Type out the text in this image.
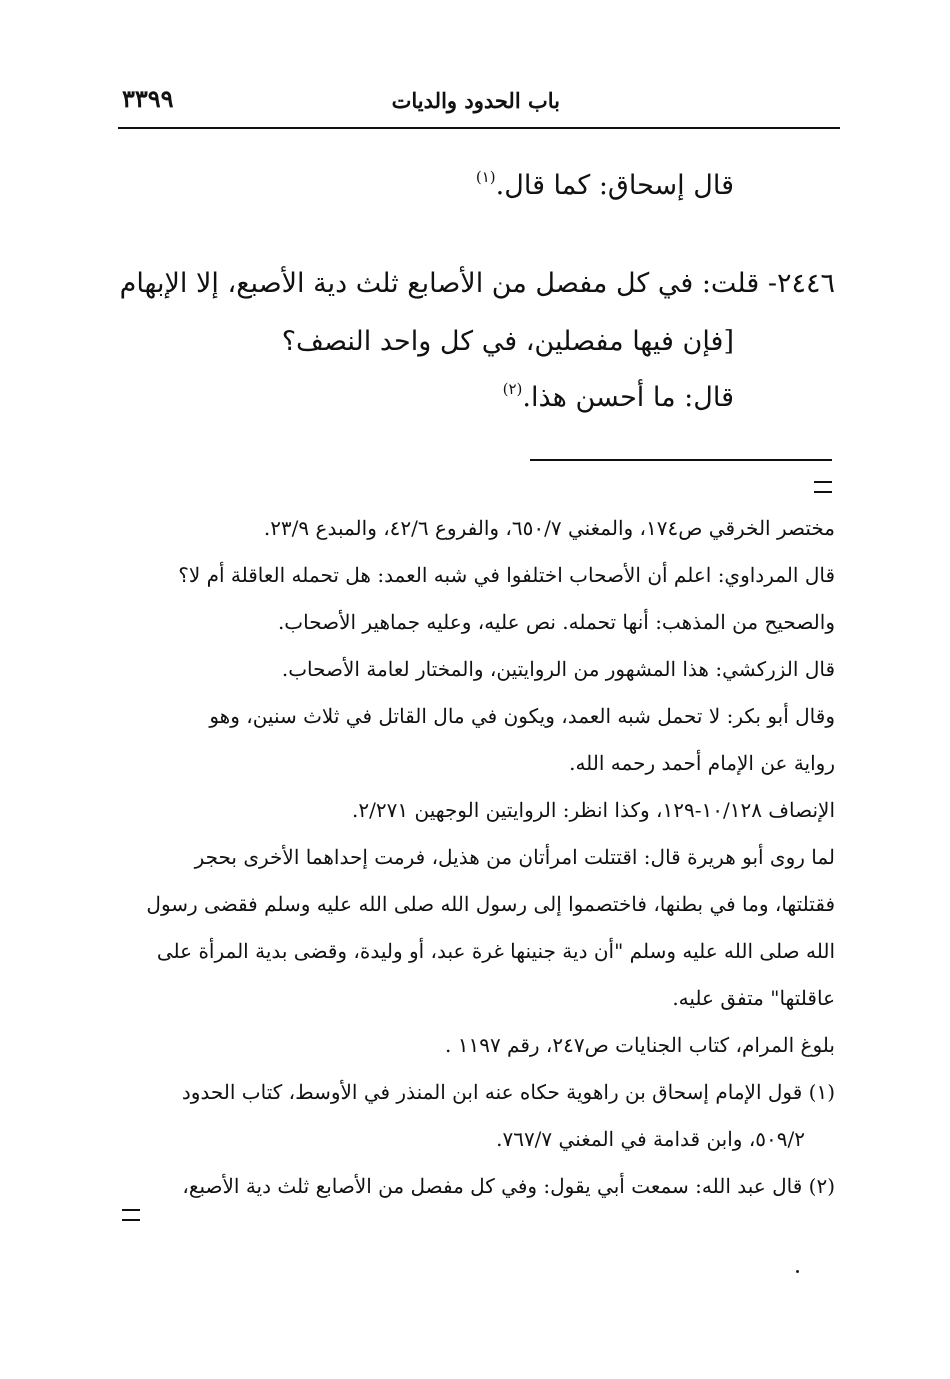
باب الحدود والديات
٣٣٩٩
قال إسحاق: كما قال.$^{(١)}$
٢٤٤٦- قلت: في كل مفصل من الأصابع ثلث دية الأصبع، إلا الإبهام
[فإن فيها مفصلين، في كل واحد النصف؟
قال: ما أحسن هذا.$^{(٢)}$
مختصر الخرقي ص١٧٤، والمغني ٦٥٠/٧، والفروع ٤٢/٦، والمبدع ٢٣/٩.
قال المرداوي: اعلم أن الأصحاب اختلفوا في شبه العمد: هل تحمله العاقلة أم لا؟
والصحيح من المذهب: أنها تحمله. نص عليه، وعليه جماهير الأصحاب.
قال الزركشي: هذا المشهور من الروايتين، والمختار لعامة الأصحاب.
وقال أبو بكر: لا تحمل شبه العمد، ويكون في مال القاتل في ثلاث سنين، وهو
رواية عن الإمام أحمد رحمه الله.
الإنصاف ١٠/١٢٨-١٢٩، وكذا انظر: الروايتين الوجهين ٢/٢٧١.
لما روى أبو هريرة قال: اقتتلت امرأتان من هذيل، فرمت إحداهما الأخرى بحجر
فقتلتها، وما في بطنها، فاختصموا إلى رسول الله صلى الله عليه وسلم فقضى رسول
الله صلى الله عليه وسلم "أن دية جنينها غرة عبد، أو وليدة، وقضى بدية المرأة على
عاقلتها" متفق عليه.
بلوغ المرام، كتاب الجنايات ص٢٤٧، رقم ١١٩٧ .
(١) قول الإمام إسحاق بن راهوية حكاه عنه ابن المنذر في الأوسط، كتاب الحدود
٥٠٩/٢، وابن قدامة في المغني ٧٦٧/٧.
(٢) قال عبد الله: سمعت أبي يقول: وفي كل مفصل من الأصابع ثلث دية الأصبع،
